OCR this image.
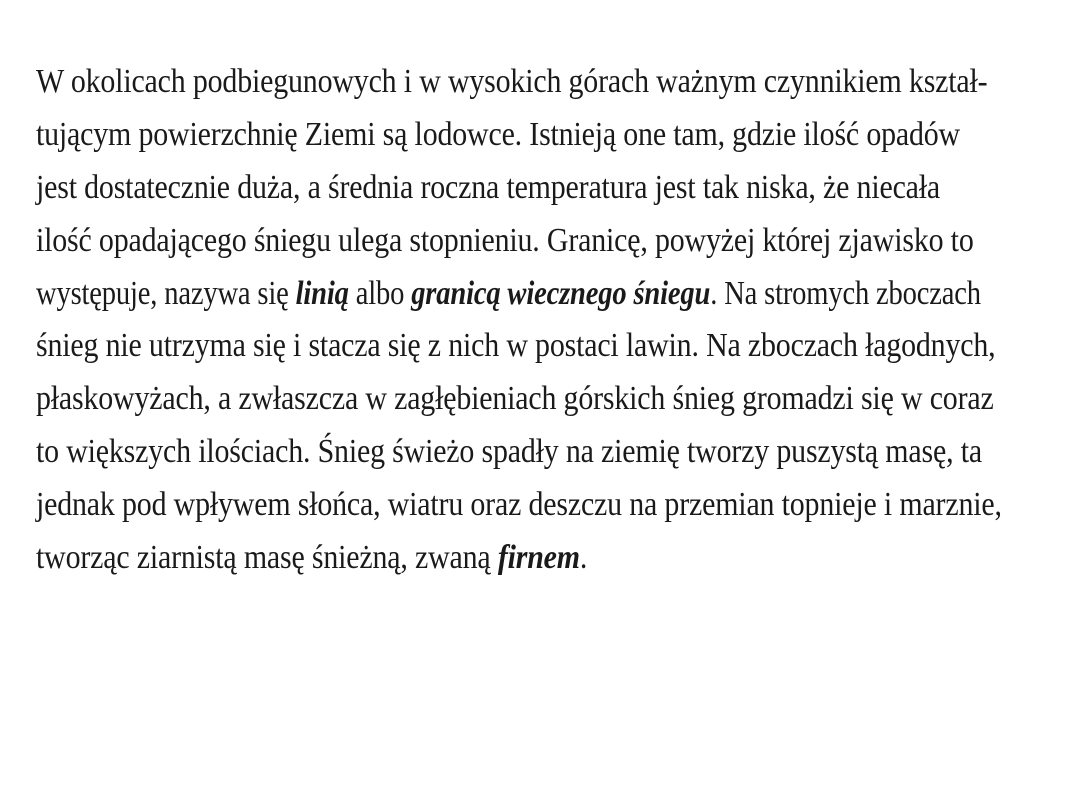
W okolicach podbiegunowych i w wysokich górach ważnym czynnikiem kształ-
tującym powierzchnię Ziemi są lodowce. Istnieją one tam, gdzie ilość opadów
jest dostatecznie duża, a średnia roczna temperatura jest tak niska, że niecała
ilość opadającego śniegu ulega stopnieniu. Granicę, powyżej której zjawisko to
występuje, nazywa się linią albo granicą wiecznego śniegu. Na stromych zboczach
śnieg nie utrzyma się i stacza się z nich w postaci lawin. Na zboczach łagodnych,
płaskowyżach, a zwłaszcza w zagłębieniach górskich śnieg gromadzi się w coraz
to większych ilościach. Śnieg świeżo spadły na ziemię tworzy puszystą masę, ta
jednak pod wpływem słońca, wiatru oraz deszczu na przemian topnieje i marznie,
tworząc ziarnistą masę śnieżną, zwaną firnem.
